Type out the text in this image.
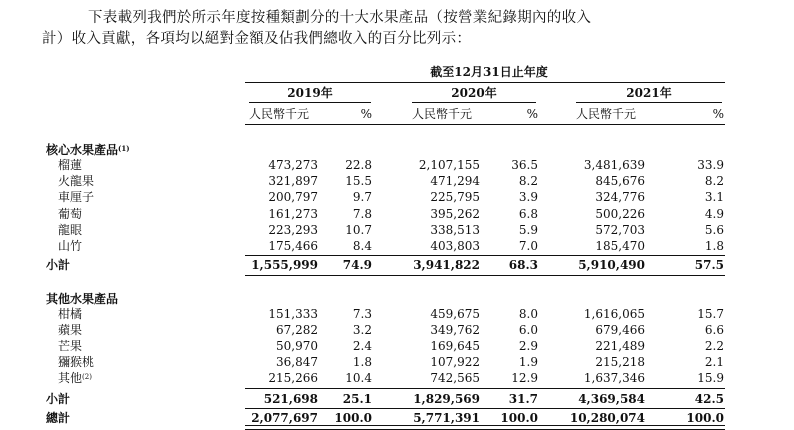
下表載列我們於所示年度按種類劃分的十大水果產品（按營業紀錄期內的收入

計）收入貢獻，各項均以絕對金額及佔我們總收入的百分比列示：

截至12月31日止年度
2019年
人民幣千元	%
2020年
人民幣千元	%
2021年
人民幣千元	%
核心水果產品$^{(1)}$
榴蓮	473,273	22.8	2,107,155	36.5	3,481,639	33.9
火龍果	321,897	15.5	471,294	8.2	845,676	8.2
車厘子	200,797	9.7	225,795	3.9	324,776	3.1
葡萄	161,273	7.8	395,262	6.8	500,226	4.9
龍眼	223,293	10.7	338,513	5.9	572,703	5.6
山竹	175,466	8.4	403,803	7.0	185,470	1.8
小計	1,555,999	74.9	3,941,822	68.3	5,910,490	57.5
其他水果產品
柑橘	151,333	7.3	459,675	8.0	1,616,065	15.7
蘋果	67,282	3.2	349,762	6.0	679,466	6.6
芒果	50,970	2.4	169,645	2.9	221,489	2.2
獼猴桃	36,847	1.8	107,922	1.9	215,218	2.1
其他$^{(2)}$	215,266	10.4	742,565	12.9	1,637,346	15.9
小計	521,698	25.1	1,829,569	31.7	4,369,584	42.5
總計	2,077,697	100.0	5,771,391	100.0	10,280,074	100.0
